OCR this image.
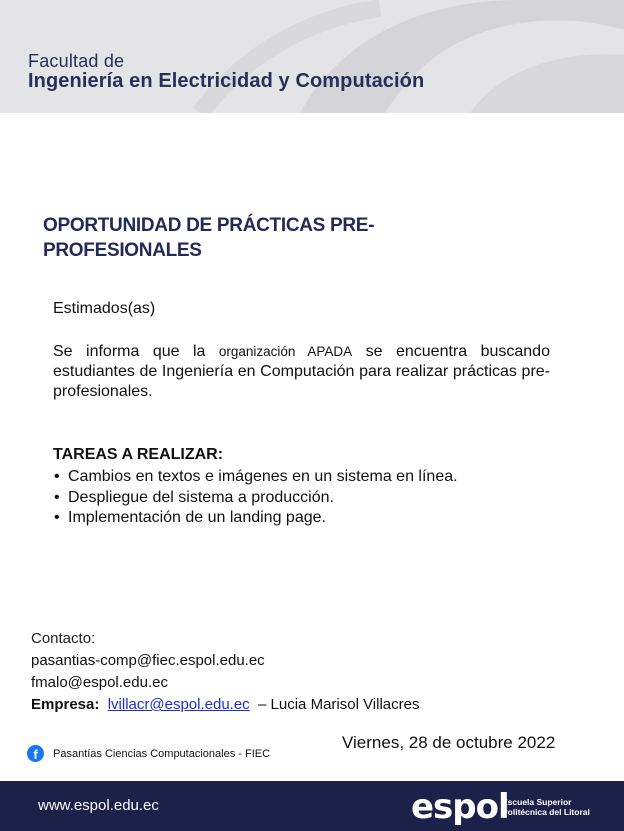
Facultad de
Ingeniería en Electricidad y Computación
OPORTUNIDAD DE PRÁCTICAS PRE-PROFESIONALES
Estimados(as)
Se informa que la organización APADA se encuentra buscando estudiantes de Ingeniería en Computación para realizar prácticas pre-profesionales.
TAREAS A REALIZAR:
• Cambios en textos e imágenes en un sistema en línea.
• Despliegue del sistema a producción.
• Implementación de un landing page.
Contacto:
pasantias-comp@fiec.espol.edu.ec
fmalo@espol.edu.ec
Empresa: lvillacr@espol.edu.ec – Lucia Marisol Villacres
f	Pasantías Ciencias Computacionales - FIEC
Viernes, 28 de octubre 2022
www.espol.edu.ec	espol
Escuela Superior
Politécnica del Litoral
